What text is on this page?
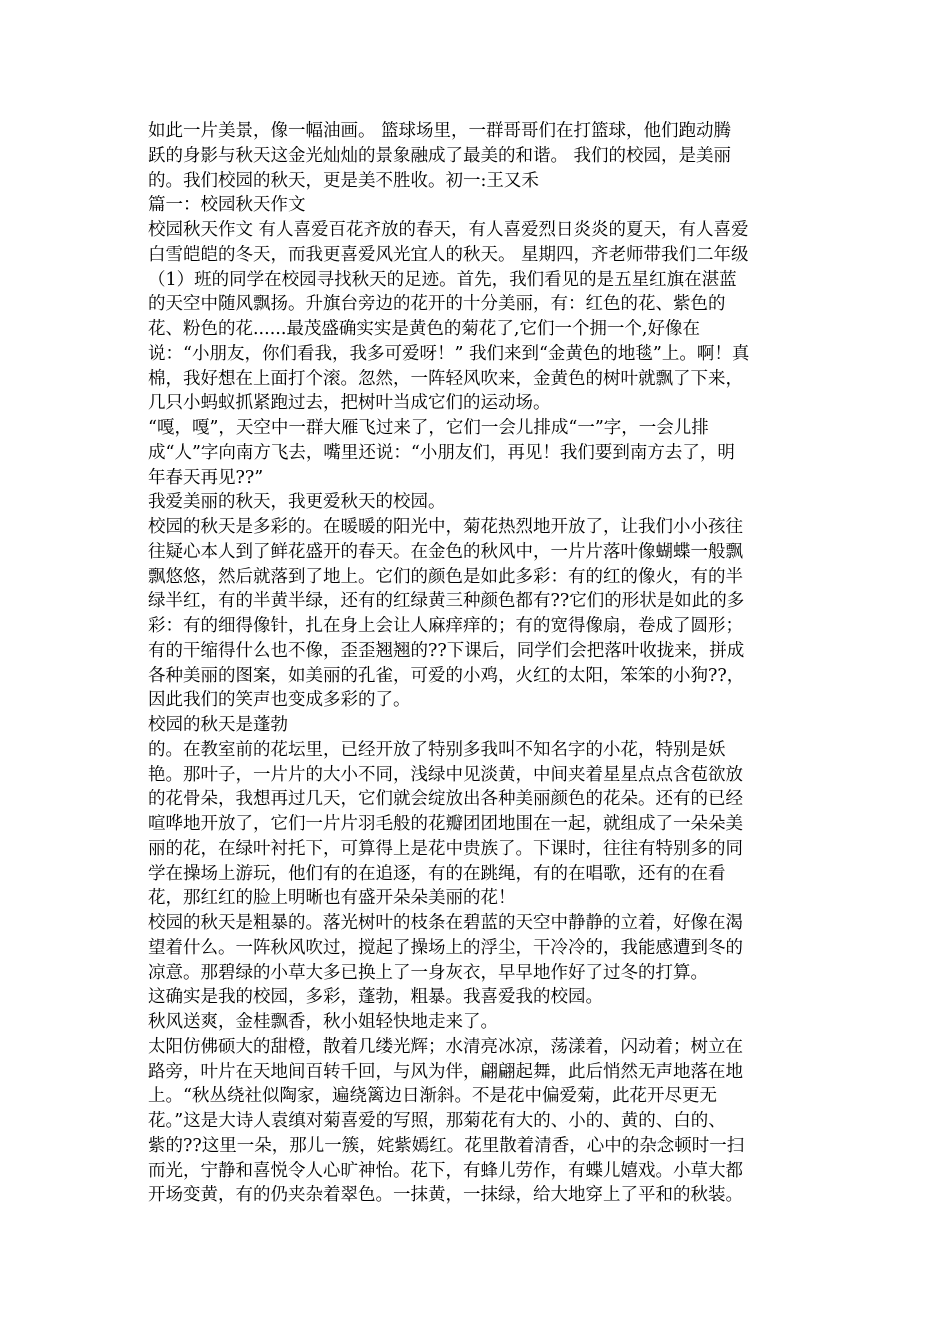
如此一片美景，像一幅油画。 篮球场里，一群哥哥们在打篮球，他们跑动腾
跃的身影与秋天这金光灿灿的景象融成了最美的和谐。 我们的校园，是美丽
的。我们校园的秋天，更是美不胜收。初一:王又禾
篇一：校园秋天作文
校园秋天作文 有人喜爱百花齐放的春天，有人喜爱烈日炎炎的夏天，有人喜爱
白雪皑皑的冬天，而我更喜爱风光宜人的秋天。 星期四，齐老师带我们二年级
（1）班的同学在校园寻找秋天的足迹。首先，我们看见的是五星红旗在湛蓝
的天空中随风飘扬。升旗台旁边的花开的十分美丽，有：红色的花、紫色的
花、粉色的花......最茂盛确实实是黄色的菊花了,它们一个拥一个,好像在
说：“小朋友，你们看我，我多可爱呀！” 我们来到“金黄色的地毯”上。啊！真
棉，我好想在上面打个滚。忽然，一阵轻风吹来，金黄色的树叶就飘了下来，
几只小蚂蚁抓紧跑过去，把树叶当成它们的运动场。
“嘎，嘎”，天空中一群大雁飞过来了，它们一会儿排成“一”字，一会儿排
成“人”字向南方飞去，嘴里还说：“小朋友们，再见！我们要到南方去了，明
年春天再见??”
我爱美丽的秋天，我更爱秋天的校园。
校园的秋天是多彩的。在暖暖的阳光中，菊花热烈地开放了，让我们小小孩往
往疑心本人到了鲜花盛开的春天。在金色的秋风中，一片片落叶像蝴蝶一般飘
飘悠悠，然后就落到了地上。它们的颜色是如此多彩：有的红的像火，有的半
绿半红，有的半黄半绿，还有的红绿黄三种颜色都有??它们的形状是如此的多
彩：有的细得像针，扎在身上会让人麻痒痒的；有的宽得像扇，卷成了圆形；
有的干缩得什么也不像，歪歪翘翘的??下课后，同学们会把落叶收拢来，拼成
各种美丽的图案，如美丽的孔雀，可爱的小鸡，火红的太阳，笨笨的小狗??，
因此我们的笑声也变成多彩的了。
校园的秋天是蓬勃
的。在教室前的花坛里，已经开放了特别多我叫不知名字的小花，特别是妖
艳。那叶子，一片片的大小不同，浅绿中见淡黄，中间夹着星星点点含苞欲放
的花骨朵，我想再过几天，它们就会绽放出各种美丽颜色的花朵。还有的已经
喧哗地开放了，它们一片片羽毛般的花瓣团团地围在一起，就组成了一朵朵美
丽的花，在绿叶衬托下，可算得上是花中贵族了。下课时，往往有特别多的同
学在操场上游玩，他们有的在追逐，有的在跳绳，有的在唱歌，还有的在看
花，那红红的脸上明晰也有盛开朵朵美丽的花！
校园的秋天是粗暴的。落光树叶的枝条在碧蓝的天空中静静的立着，好像在渴
望着什么。一阵秋风吹过，搅起了操场上的浮尘，干冷冷的，我能感遭到冬的
凉意。那碧绿的小草大多已换上了一身灰衣，早早地作好了过冬的打算。
这确实是我的校园，多彩，蓬勃，粗暴。我喜爱我的校园。
秋风送爽，金桂飘香，秋小姐轻快地走来了。
太阳仿佛硕大的甜橙，散着几缕光辉；水清亮冰凉，荡漾着，闪动着；树立在
路旁，叶片在天地间百转千回，与风为伴，翩翩起舞，此后悄然无声地落在地
上。“秋丛绕社似陶家，遍绕篱边日渐斜。不是花中偏爱菊，此花开尽更无
花。”这是大诗人袁缜对菊喜爱的写照，那菊花有大的、小的、黄的、白的、
紫的??这里一朵，那儿一簇，姹紫嫣红。花里散着清香，心中的杂念顿时一扫
而光，宁静和喜悦令人心旷神怡。花下，有蜂儿劳作，有蝶儿嬉戏。小草大都
开场变黄，有的仍夹杂着翠色。一抹黄，一抹绿，给大地穿上了平和的秋装。
